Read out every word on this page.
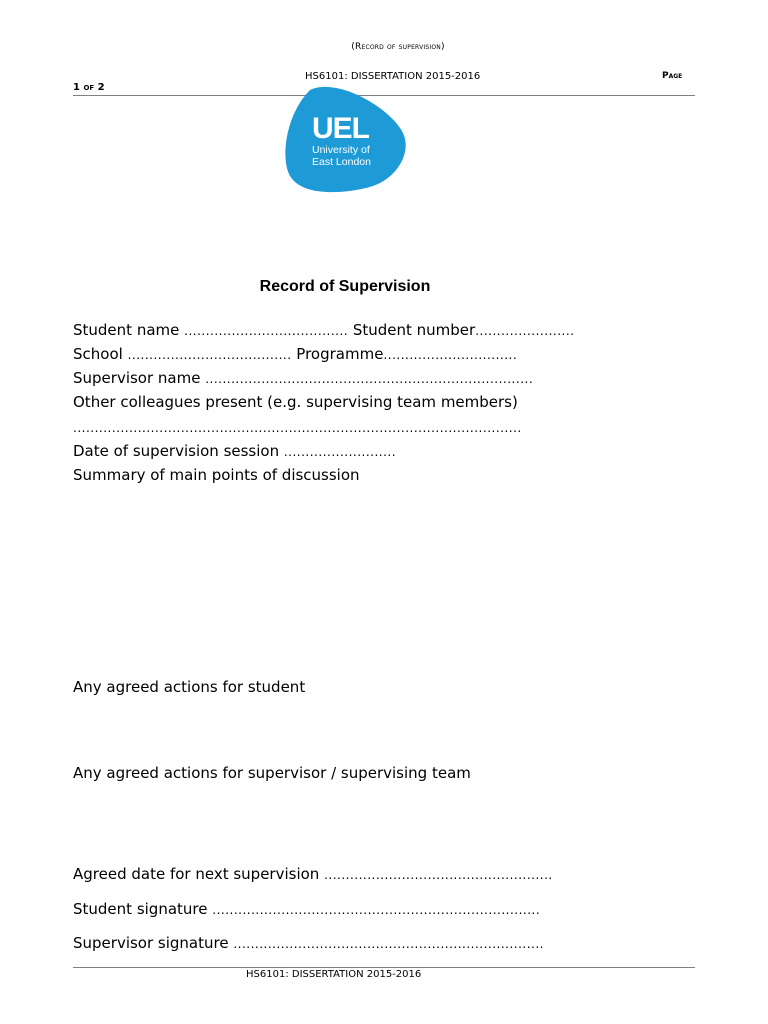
(Record of supervision)
HS6101: DISSERTATION 2015-2016	Page
1 of 2
UEL
University of
East London
Record of Supervision
Student name ...................................... Student number.......................
School ...................................... Programme...............................
Supervisor name ............................................................................
Other colleagues present (e.g. supervising team members)
........................................................................................................
Date of supervision session ..........................
Summary of main points of discussion
Any agreed actions for student
Any agreed actions for supervisor / supervising team
Agreed date for next supervision .....................................................
Student signature ............................................................................
Supervisor signature ........................................................................
HS6101: DISSERTATION 2015-2016
